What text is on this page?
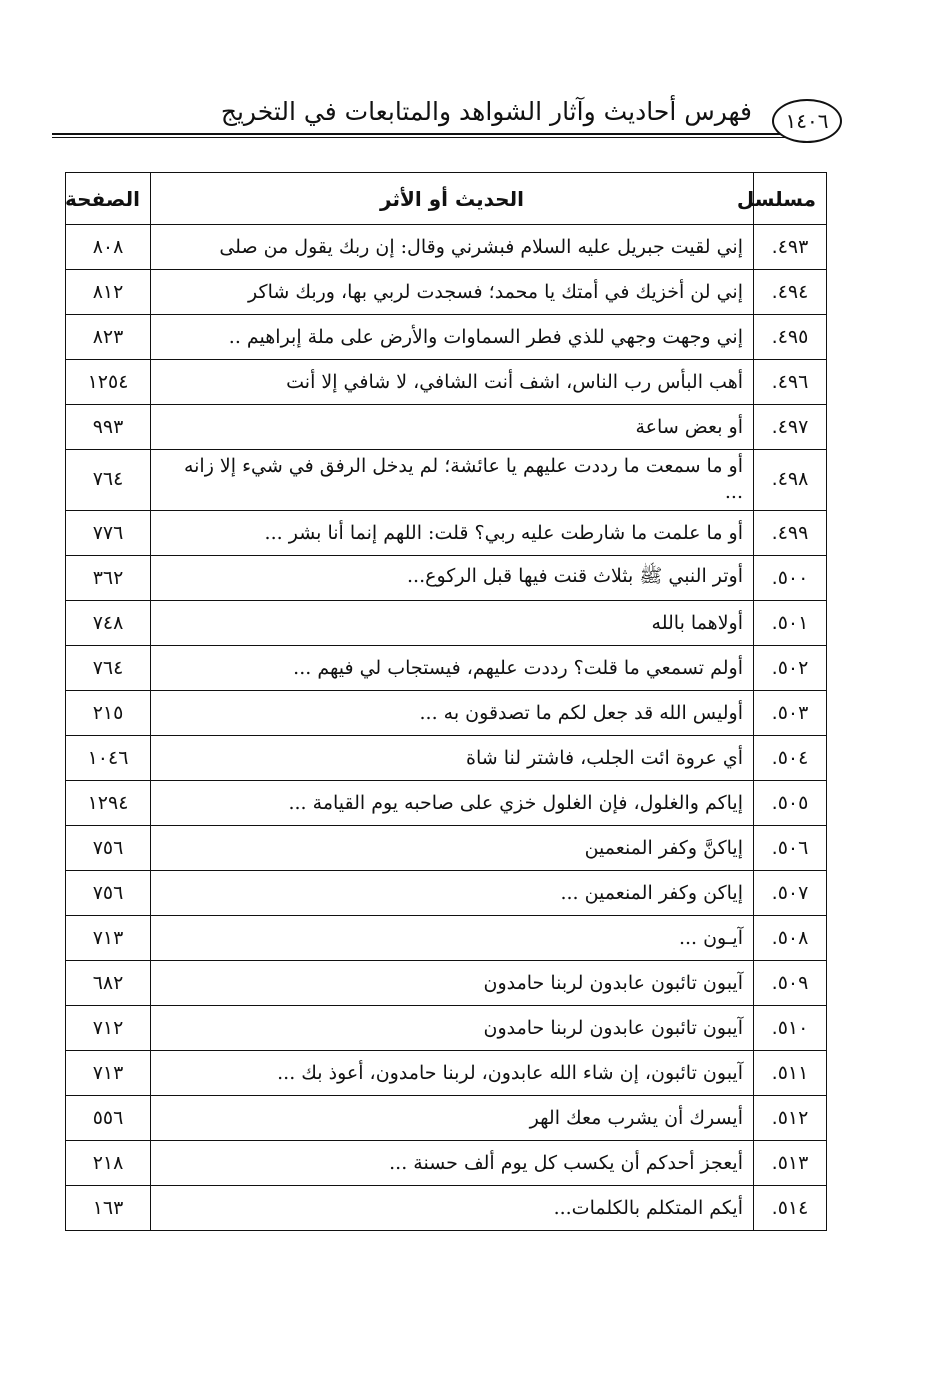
١٤٠٦
فهرس أحاديث وآثار الشواهد والمتابعات في التخريج
مسلسل	الحديث أو الأثر	الصفحة
٤٩٣.	إني لقيت جبريل عليه السلام فبشرني وقال: إن ربك يقول من صلى	٨٠٨
٤٩٤.	إني لن أخزيك في أمتك يا محمد؛ فسجدت لربي بها، وربك شاكر	٨١٢
٤٩٥.	إني وجهت وجهي للذي فطر السماوات والأرض على ملة إبراهيم ..	٨٢٣
٤٩٦.	أهب البأس رب الناس، اشف أنت الشافي، لا شافي إلا أنت	١٢٥٤
٤٩٧.	أو بعض ساعة	٩٩٣
٤٩٨.	أو ما سمعت ما رددت عليهم يا عائشة؛ لم يدخل الرفق في شيء إلا زانه ...	٧٦٤
٤٩٩.	أو ما علمت ما شارطت عليه ربي؟ قلت: اللهم إنما أنا بشر ...	٧٧٦
٥٠٠.	أوتر النبي ﷺ بثلاث قنت فيها قبل الركوع...	٣٦٢
٥٠١.	أولاهما بالله	٧٤٨
٥٠٢.	أولم تسمعي ما قلت؟ رددت عليهم، فيستجاب لي فيهم ...	٧٦٤
٥٠٣.	أوليس الله قد جعل لكم ما تصدقون به ...	٢١٥
٥٠٤.	أي عروة ائت الجلب، فاشتر لنا شاة	١٠٤٦
٥٠٥.	إياكم والغلول، فإن الغلول خزي على صاحبه يوم القيامة ...	١٢٩٤
٥٠٦.	إياكنَّ وكفر المنعمين	٧٥٦
٥٠٧.	إياكن وكفر المنعمين ...	٧٥٦
٥٠٨.	آيـون ...	٧١٣
٥٠٩.	آيبون تائبون عابدون لربنا حامدون	٦٨٢
٥١٠.	آيبون تائبون عابدون لربنا حامدون	٧١٢
٥١١.	آيبون تائبون، إن شاء الله عابدون، لربنا حامدون، أعوذ بك ...	٧١٣
٥١٢.	أيسرك أن يشرب معك الهر	٥٥٦
٥١٣.	أيعجز أحدكم أن يكسب كل يوم ألف حسنة ...	٢١٨
٥١٤.	أيكم المتكلم بالكلمات...	١٦٣
